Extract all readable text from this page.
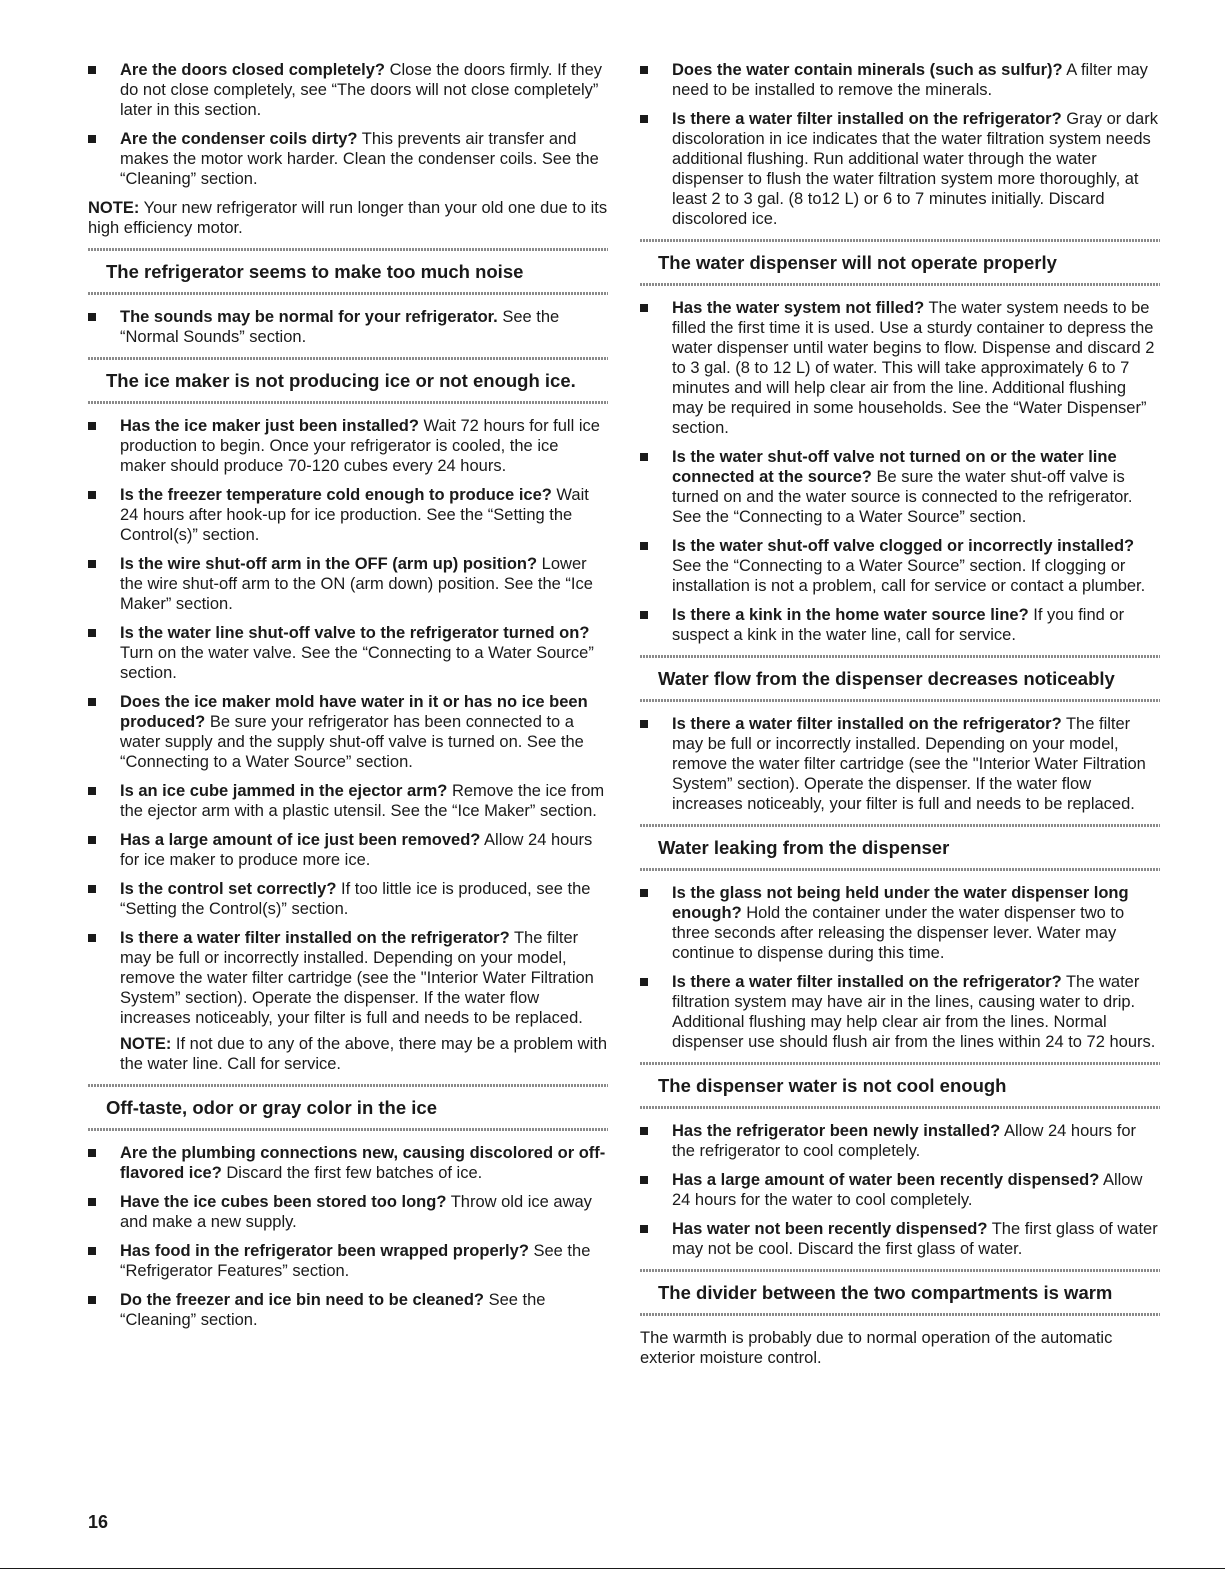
Are the doors closed completely? Close the doors firmly. If they do not close completely, see “The doors will not close completely” later in this section.
Are the condenser coils dirty? This prevents air transfer and makes the motor work harder. Clean the condenser coils. See the “Cleaning” section.
NOTE: Your new refrigerator will run longer than your old one due to its high efficiency motor.
The refrigerator seems to make too much noise
The sounds may be normal for your refrigerator. See the “Normal Sounds” section.
The ice maker is not producing ice or not enough ice.
Has the ice maker just been installed? Wait 72 hours for full ice production to begin. Once your refrigerator is cooled, the ice maker should produce 70-120 cubes every 24 hours.
Is the freezer temperature cold enough to produce ice? Wait 24 hours after hook-up for ice production. See the “Setting the Control(s)” section.
Is the wire shut-off arm in the OFF (arm up) position? Lower the wire shut-off arm to the ON (arm down) position. See the “Ice Maker” section.
Is the water line shut-off valve to the refrigerator turned on? Turn on the water valve. See the “Connecting to a Water Source” section.
Does the ice maker mold have water in it or has no ice been produced? Be sure your refrigerator has been connected to a water supply and the supply shut-off valve is turned on. See the “Connecting to a Water Source” section.
Is an ice cube jammed in the ejector arm? Remove the ice from the ejector arm with a plastic utensil. See the “Ice Maker” section.
Has a large amount of ice just been removed? Allow 24 hours for ice maker to produce more ice.
Is the control set correctly? If too little ice is produced, see the “Setting the Control(s)” section.
Is there a water filter installed on the refrigerator? The filter may be full or incorrectly installed. Depending on your model, remove the water filter cartridge (see the "Interior Water Filtration System” section). Operate the dispenser. If the water flow increases noticeably, your filter is full and needs to be replaced.
NOTE: If not due to any of the above, there may be a problem with the water line. Call for service.
Off-taste, odor or gray color in the ice
Are the plumbing connections new, causing discolored or off-flavored ice? Discard the first few batches of ice.
Have the ice cubes been stored too long? Throw old ice away and make a new supply.
Has food in the refrigerator been wrapped properly? See the “Refrigerator Features” section.
Do the freezer and ice bin need to be cleaned? See the “Cleaning” section.
Does the water contain minerals (such as sulfur)? A filter may need to be installed to remove the minerals.
Is there a water filter installed on the refrigerator? Gray or dark discoloration in ice indicates that the water filtration system needs additional flushing. Run additional water through the water dispenser to flush the water filtration system more thoroughly, at least 2 to 3 gal. (8 to12 L) or 6 to 7 minutes initially. Discard discolored ice.
The water dispenser will not operate properly
Has the water system not filled? The water system needs to be filled the first time it is used. Use a sturdy container to depress the water dispenser until water begins to flow. Dispense and discard 2 to 3 gal. (8 to 12 L) of water. This will take approximately 6 to 7 minutes and will help clear air from the line. Additional flushing may be required in some households. See the “Water Dispenser” section.
Is the water shut-off valve not turned on or the water line connected at the source? Be sure the water shut-off valve is turned on and the water source is connected to the refrigerator. See the “Connecting to a Water Source” section.
Is the water shut-off valve clogged or incorrectly installed? See the “Connecting to a Water Source” section. If clogging or installation is not a problem, call for service or contact a plumber.
Is there a kink in the home water source line? If you find or suspect a kink in the water line, call for service.
Water flow from the dispenser decreases noticeably
Is there a water filter installed on the refrigerator? The filter may be full or incorrectly installed. Depending on your model, remove the water filter cartridge (see the "Interior Water Filtration System” section). Operate the dispenser. If the water flow increases noticeably, your filter is full and needs to be replaced.
Water leaking from the dispenser
Is the glass not being held under the water dispenser long enough? Hold the container under the water dispenser two to three seconds after releasing the dispenser lever. Water may continue to dispense during this time.
Is there a water filter installed on the refrigerator? The water filtration system may have air in the lines, causing water to drip. Additional flushing may help clear air from the lines. Normal dispenser use should flush air from the lines within 24 to 72 hours.
The dispenser water is not cool enough
Has the refrigerator been newly installed? Allow 24 hours for the refrigerator to cool completely.
Has a large amount of water been recently dispensed? Allow 24 hours for the water to cool completely.
Has water not been recently dispensed? The first glass of water may not be cool. Discard the first glass of water.
The divider between the two compartments is warm
The warmth is probably due to normal operation of the automatic exterior moisture control.
16
